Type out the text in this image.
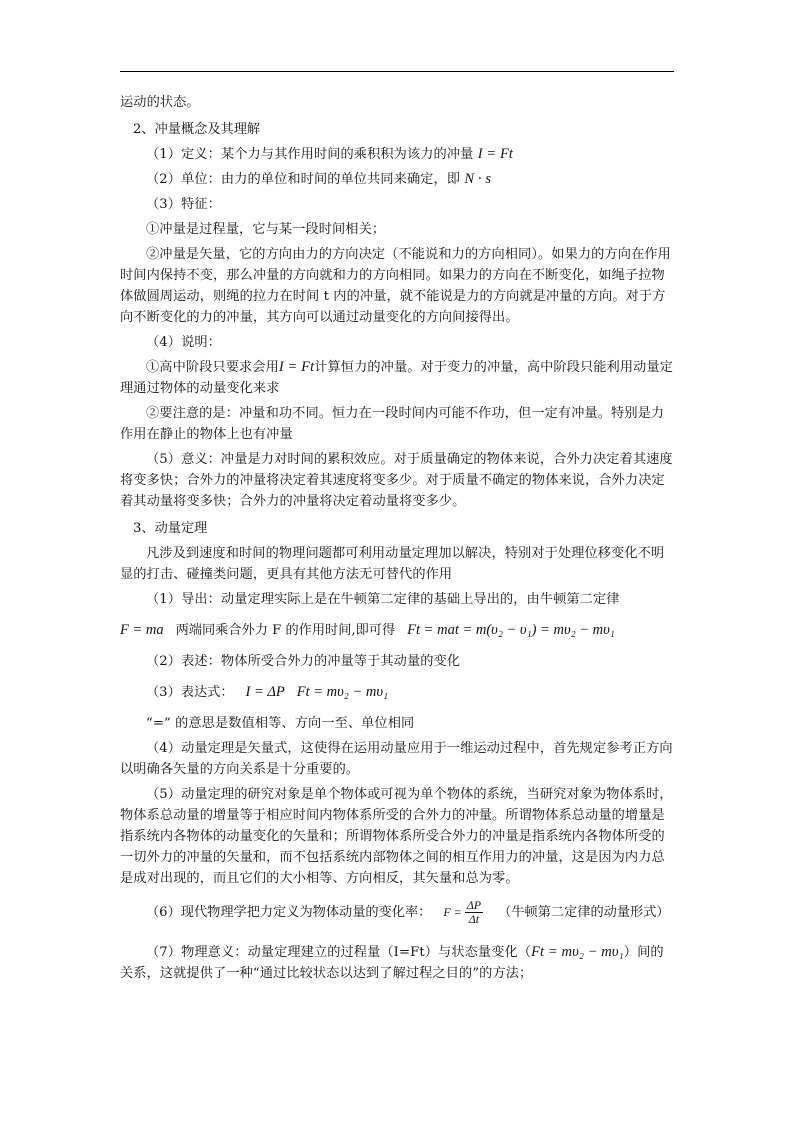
运动的状态。

2、冲量概念及其理解

（1）定义：某个力与其作用时间的乘积积为该力的冲量 I = Ft

（2）单位：由力的单位和时间的单位共同来确定，即 N · s

（3）特征：

①冲量是过程量，它与某一段时间相关；

②冲量是矢量，它的方向由力的方向决定（不能说和力的方向相同）。如果力的方向在作用时间内保持不变，那么冲量的方向就和力的方向相同。如果力的方向在不断变化，如绳子拉物体做圆周运动，则绳的拉力在时间 t 内的冲量，就不能说是力的方向就是冲量的方向。对于方向不断变化的力的冲量，其方向可以通过动量变化的方向间接得出。

（4）说明：

①高中阶段只要求会用I = Ft计算恒力的冲量。对于变力的冲量，高中阶段只能利用动量定理通过物体的动量变化来求

②要注意的是：冲量和功不同。恒力在一段时间内可能不作功，但一定有冲量。特别是力作用在静止的物体上也有冲量

（5）意义：冲量是力对时间的累积效应。对于质量确定的物体来说，合外力决定着其速度将变多快；合外力的冲量将决定着其速度将变多少。对于质量不确定的物体来说，合外力决定着其动量将变多快；合外力的冲量将决定着动量将变多少。

3、动量定理

凡涉及到速度和时间的物理问题都可利用动量定理加以解决，特别对于处理位移变化不明显的打击、碰撞类问题，更具有其他方法无可替代的作用

（1）导出：动量定理实际上是在牛顿第二定律的基础上导出的，由牛顿第二定律

F = ma 两端同乘合外力 F 的作用时间,即可得 Ft = mat = m(υ₂ − υ₁) = mυ₂ − mυ₁

（2）表述：物体所受合外力的冲量等于其动量的变化

（3）表达式： I = ΔP Ft = mυ₂ − mυ₁

“=” 的意思是数值相等、方向一至、单位相同

（4）动量定理是矢量式，这使得在运用动量应用于一维运动过程中，首先规定参考正方向以明确各矢量的方向关系是十分重要的。

（5）动量定理的研究对象是单个物体或可视为单个物体的系统，当研究对象为物体系时，物体系总动量的增量等于相应时间内物体系所受的合外力的冲量。所谓物体系总动量的增量是指系统内各物体的动量变化的矢量和；所谓物体系所受合外力的冲量是指系统内各物体所受的一切外力的冲量的矢量和，而不包括系统内部物体之间的相互作用力的冲量，这是因为内力总是成对出现的，而且它们的大小相等、方向相反，其矢量和总为零。

（6）现代物理学把力定义为物体动量的变化率： $F = \frac{\Delta P}{\Delta t}$ （牛顿第二定律的动量形式）

（7）物理意义：动量定理建立的过程量（I=Ft）与状态量变化（Ft = mυ₂ − mυ₁）间的关系，这就提供了一种“通过比较状态以达到了解过程之目的”的方法；
